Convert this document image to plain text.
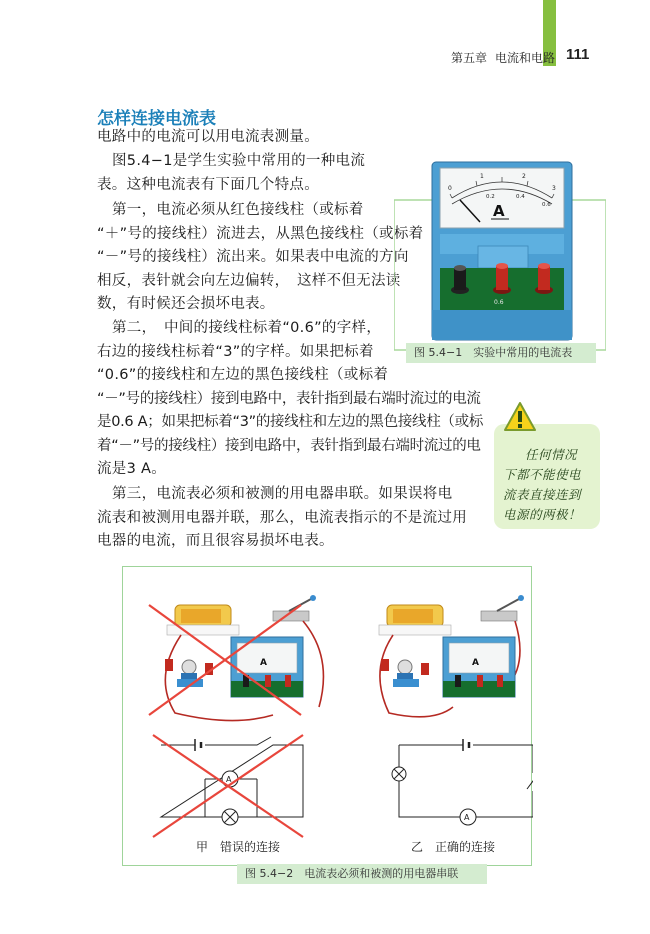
第五章 电流和电路 111
怎样连接电流表
电路中的电流可以用电流表测量。
图5.4−1是学生实验中常用的一种电流
表。这种电流表有下面几个特点。
第一，电流必须从红色接线柱（或标着
“＋”号的接线柱）流进去，从黑色接线柱（或标着
“－”号的接线柱）流出来。如果表中电流的方向
相反，表针就会向左边偏转，　这样不但无法读
数，有时候还会损坏电表。
第二，　中间的接线柱标着“0.6”的字样，
右边的接线柱标着“3”的字样。如果把标着
“0.6”的接线柱和左边的黑色接线柱（或标着
“－”号的接线柱）接到电路中，表针指到最右端时流过的电流
是0.6 A；如果把标着“3”的接线柱和左边的黑色接线柱（或标
着“－”号的接线柱）接到电路中，表针指到最右端时流过的电
流是3 A。
第三，电流表必须和被测的用电器串联。如果误将电
流表和被测用电器并联，那么，电流表指示的不是流过用
电器的电流，而且很容易损坏电表。
0
1	2
3
0.2	0.4
0.6
A
0.6
图 5.4−1　实验中常用的电流表
任何情况
下都不能使电
流表直接连到
电源的两极！
A	A
A
A
甲　错误的连接	乙　正确的连接
图 5.4−2　电流表必须和被测的用电器串联
